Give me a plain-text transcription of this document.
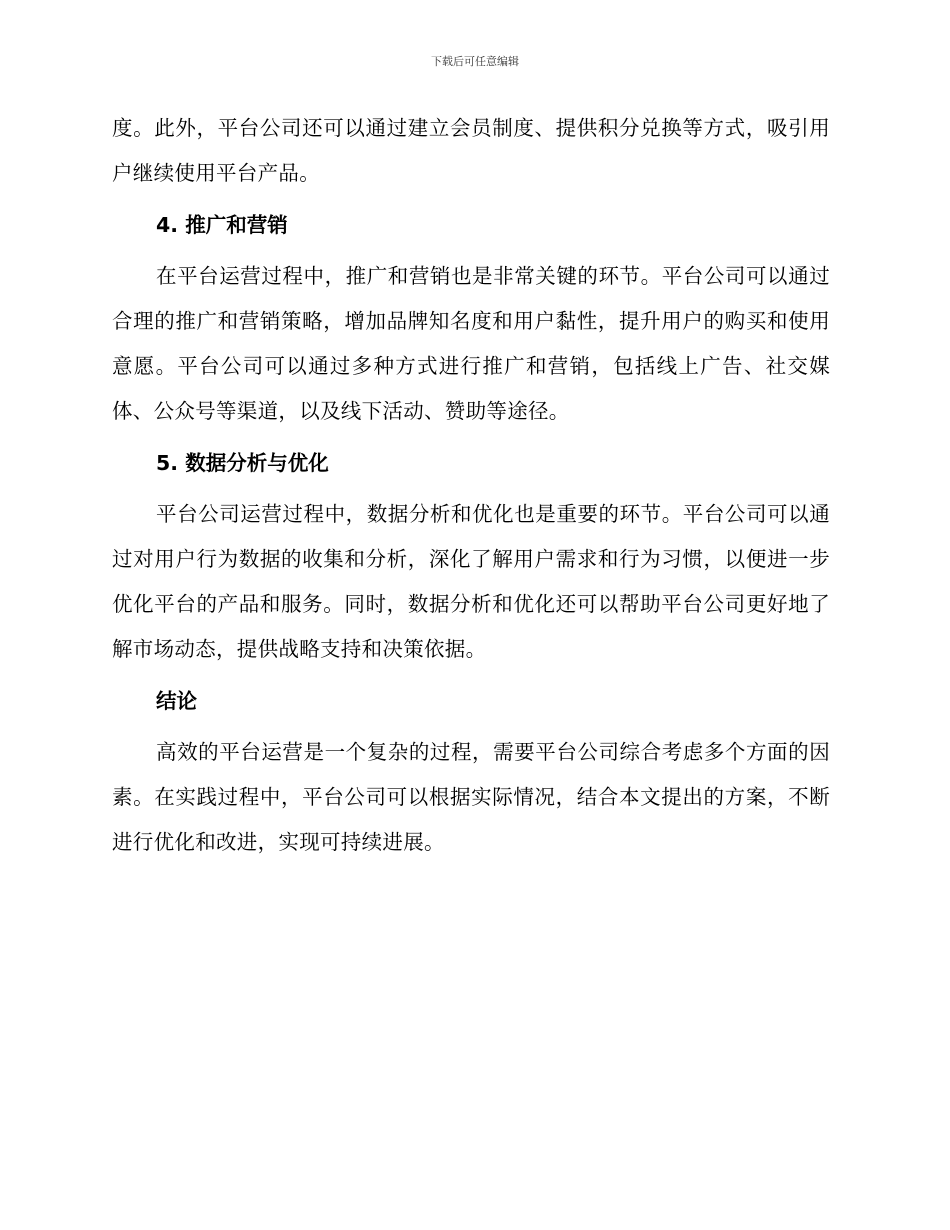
下载后可任意编辑

度。此外，平台公司还可以通过建立会员制度、提供积分兑换等方式，吸引用户继续使用平台产品。

4. 推广和营销

在平台运营过程中，推广和营销也是非常关键的环节。平台公司可以通过合理的推广和营销策略，增加品牌知名度和用户黏性，提升用户的购买和使用意愿。平台公司可以通过多种方式进行推广和营销，包括线上广告、社交媒体、公众号等渠道，以及线下活动、赞助等途径。

5. 数据分析与优化

平台公司运营过程中，数据分析和优化也是重要的环节。平台公司可以通过对用户行为数据的收集和分析，深化了解用户需求和行为习惯，以便进一步优化平台的产品和服务。同时，数据分析和优化还可以帮助平台公司更好地了解市场动态，提供战略支持和决策依据。

结论

高效的平台运营是一个复杂的过程，需要平台公司综合考虑多个方面的因素。在实践过程中，平台公司可以根据实际情况，结合本文提出的方案，不断进行优化和改进，实现可持续进展。
